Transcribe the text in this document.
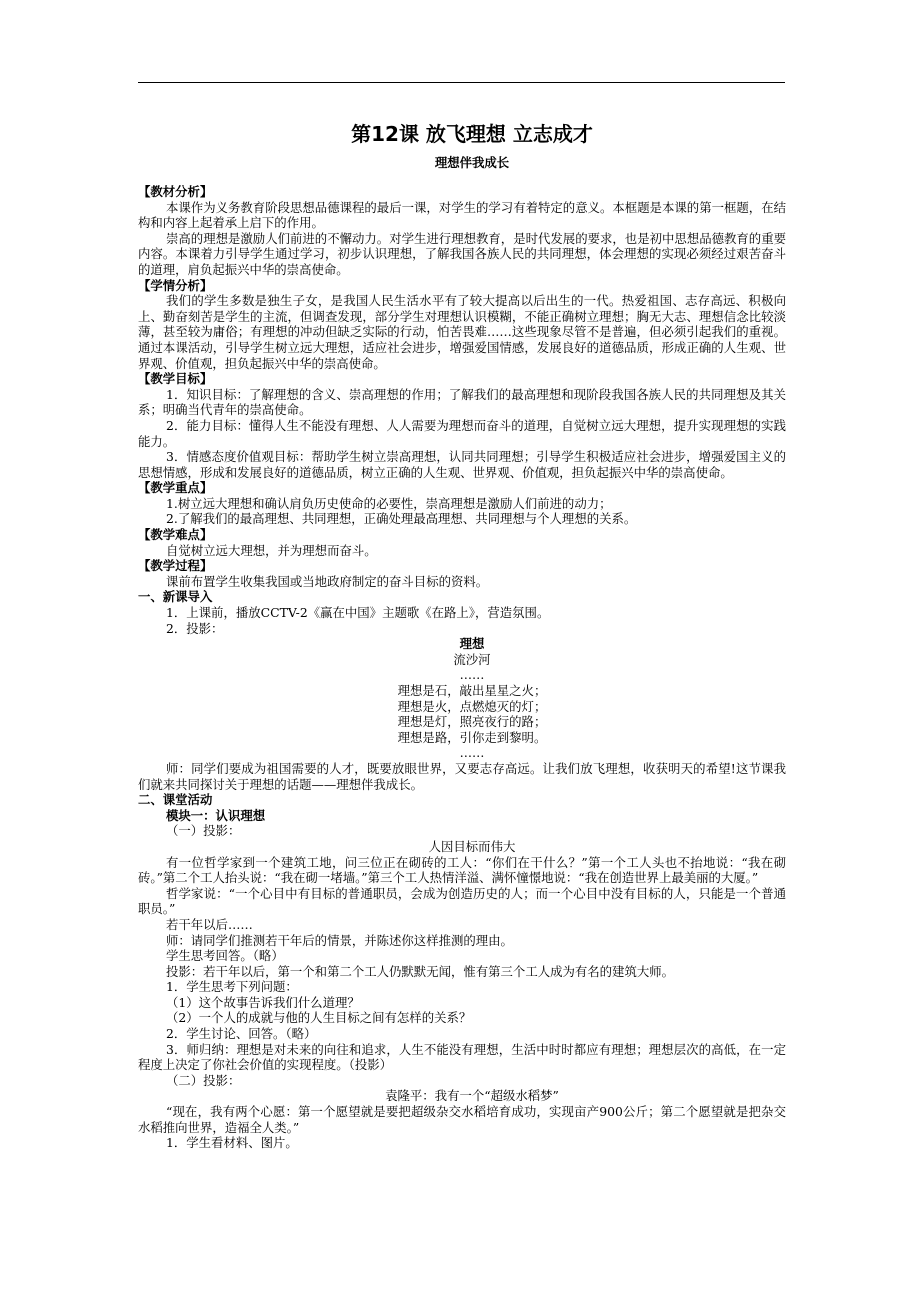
第12课 放飞理想 立志成才
理想伴我成长
【教材分析】
本课作为义务教育阶段思想品德课程的最后一课，对学生的学习有着特定的意义。本框题是本课的第一框题，在结构和内容上起着承上启下的作用。
崇高的理想是激励人们前进的不懈动力。对学生进行理想教育，是时代发展的要求，也是初中思想品德教育的重要内容。本课着力引导学生通过学习，初步认识理想，了解我国各族人民的共同理想，体会理想的实现必须经过艰苦奋斗的道理，肩负起振兴中华的崇高使命。
【学情分析】
我们的学生多数是独生子女，是我国人民生活水平有了较大提高以后出生的一代。热爱祖国、志存高远、积极向上、勤奋刻苦是学生的主流，但调查发现，部分学生对理想认识模糊，不能正确树立理想；胸无大志、理想信念比较淡薄，甚至较为庸俗；有理想的冲动但缺乏实际的行动，怕苦畏难……这些现象尽管不是普遍，但必须引起我们的重视。通过本课活动，引导学生树立远大理想，适应社会进步，增强爱国情感，发展良好的道德品质，形成正确的人生观、世界观、价值观，担负起振兴中华的崇高使命。
【教学目标】
1．知识目标：了解理想的含义、崇高理想的作用；了解我们的最高理想和现阶段我国各族人民的共同理想及其关系；明确当代青年的崇高使命。
2．能力目标：懂得人生不能没有理想、人人需要为理想而奋斗的道理，自觉树立远大理想，提升实现理想的实践能力。
3．情感态度价值观目标：帮助学生树立崇高理想，认同共同理想；引导学生积极适应社会进步，增强爱国主义的思想情感，形成和发展良好的道德品质，树立正确的人生观、世界观、价值观，担负起振兴中华的崇高使命。
【教学重点】
1.树立远大理想和确认肩负历史使命的必要性，崇高理想是激励人们前进的动力；
2.了解我们的最高理想、共同理想，正确处理最高理想、共同理想与个人理想的关系。
【教学难点】
自觉树立远大理想，并为理想而奋斗。
【教学过程】
课前布置学生收集我国或当地政府制定的奋斗目标的资料。
一、新课导入
1．上课前，播放CCTV-2《赢在中国》主题歌《在路上》，营造氛围。
2．投影：
理想
流沙河
……
理想是石，敲出星星之火；
理想是火，点燃熄灭的灯；
理想是灯，照亮夜行的路；
理想是路，引你走到黎明。
……
师：同学们要成为祖国需要的人才，既要放眼世界，又要志存高远。让我们放飞理想，收获明天的希望!这节课我们就来共同探讨关于理想的话题——理想伴我成长。
二、课堂活动
模块一：认识理想
（一）投影：
人因目标而伟大
有一位哲学家到一个建筑工地，问三位正在砌砖的工人：“你们在干什么？”第一个工人头也不抬地说：“我在砌砖。”第二个工人抬头说：“我在砌一堵墙。”第三个工人热情洋溢、满怀憧憬地说：“我在创造世界上最美丽的大厦。”
哲学家说：“一个心目中有目标的普通职员，会成为创造历史的人；而一个心目中没有目标的人，只能是一个普通职员。”
若干年以后……
师：请同学们推测若干年后的情景，并陈述你这样推测的理由。
学生思考回答。（略）
投影：若干年以后，第一个和第二个工人仍默默无闻，惟有第三个工人成为有名的建筑大师。
1．学生思考下列问题：
（1）这个故事告诉我们什么道理？
（2）一个人的成就与他的人生目标之间有怎样的关系？
2．学生讨论、回答。（略）
3．师归纳：理想是对未来的向往和追求，人生不能没有理想，生活中时时都应有理想；理想层次的高低，在一定程度上决定了你社会价值的实现程度。（投影）
（二）投影：
袁隆平：我有一个“超级水稻梦”
“现在，我有两个心愿：第一个愿望就是要把超级杂交水稻培育成功，实现亩产900公斤；第二个愿望就是把杂交水稻推向世界，造福全人类。”
1．学生看材料、图片。
